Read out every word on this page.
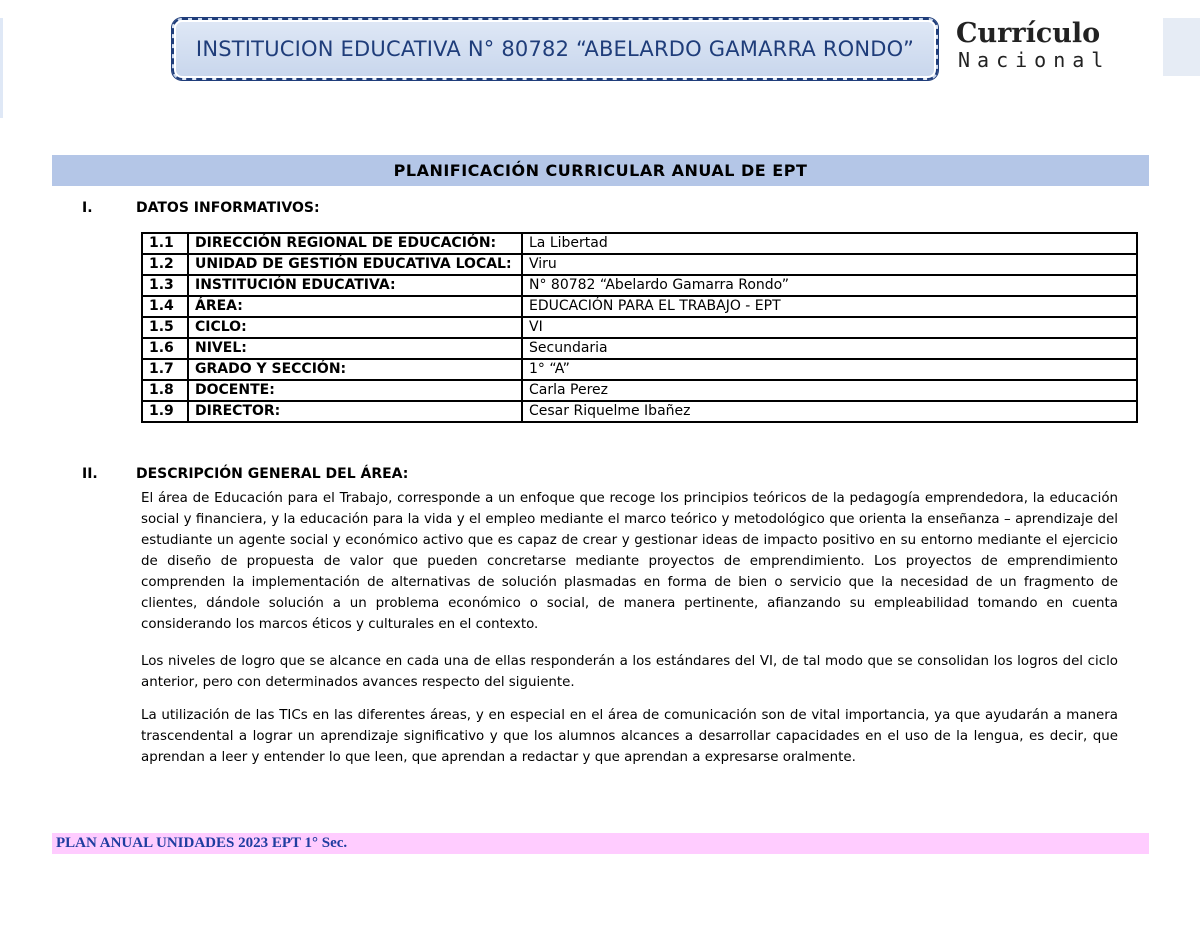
INSTITUCION EDUCATIVA N° 80782 “ABELARDO GAMARRA RONDO” Currículo
Nacional
PLANIFICACIÓN CURRICULAR ANUAL DE EPT
I.	DATOS INFORMATIVOS:
1.1	DIRECCIÓN REGIONAL DE EDUCACIÓN:	La Libertad
1.2	UNIDAD DE GESTIÓN EDUCATIVA LOCAL:	Viru
1.3	INSTITUCIÓN EDUCATIVA:	N° 80782 “Abelardo Gamarra Rondo”
1.4	ÁREA:	EDUCACIÓN PARA EL TRABAJO - EPT
1.5	CICLO:	VI
1.6	NIVEL:	Secundaria
1.7	GRADO Y SECCIÓN:	1° “A”
1.8	DOCENTE:	Carla Perez
1.9	DIRECTOR:	Cesar Riquelme Ibañez
II.	DESCRIPCIÓN GENERAL DEL ÁREA:

El área de Educación para el Trabajo, corresponde a un enfoque que recoge los principios teóricos de la pedagogía emprendedora, la educación social y financiera, y la educación para la vida y el empleo mediante el marco teórico y metodológico que orienta la enseñanza – aprendizaje del estudiante un agente social y económico activo que es capaz de crear y gestionar ideas de impacto positivo en su entorno mediante el ejercicio de diseño de propuesta de valor que pueden concretarse mediante proyectos de emprendimiento. Los proyectos de emprendimiento comprenden la implementación de alternativas de solución plasmadas en forma de bien o servicio que la necesidad de un fragmento de clientes, dándole solución a un problema económico o social, de manera pertinente, afianzando su empleabilidad tomando en cuenta considerando los marcos éticos y culturales en el contexto.

Los niveles de logro que se alcance en cada una de ellas responderán a los estándares del VI, de tal modo que se consolidan los logros del ciclo anterior, pero con determinados avances respecto del siguiente.

La utilización de las TICs en las diferentes áreas, y en especial en el área de comunicación son de vital importancia, ya que ayudarán a manera trascendental a lograr un aprendizaje significativo y que los alumnos alcances a desarrollar capacidades en el uso de la lengua, es decir, que aprendan a leer y entender lo que leen, que aprendan a redactar y que aprendan a expresarse oralmente.

PLAN ANUAL UNIDADES 2023 EPT 1° Sec.
